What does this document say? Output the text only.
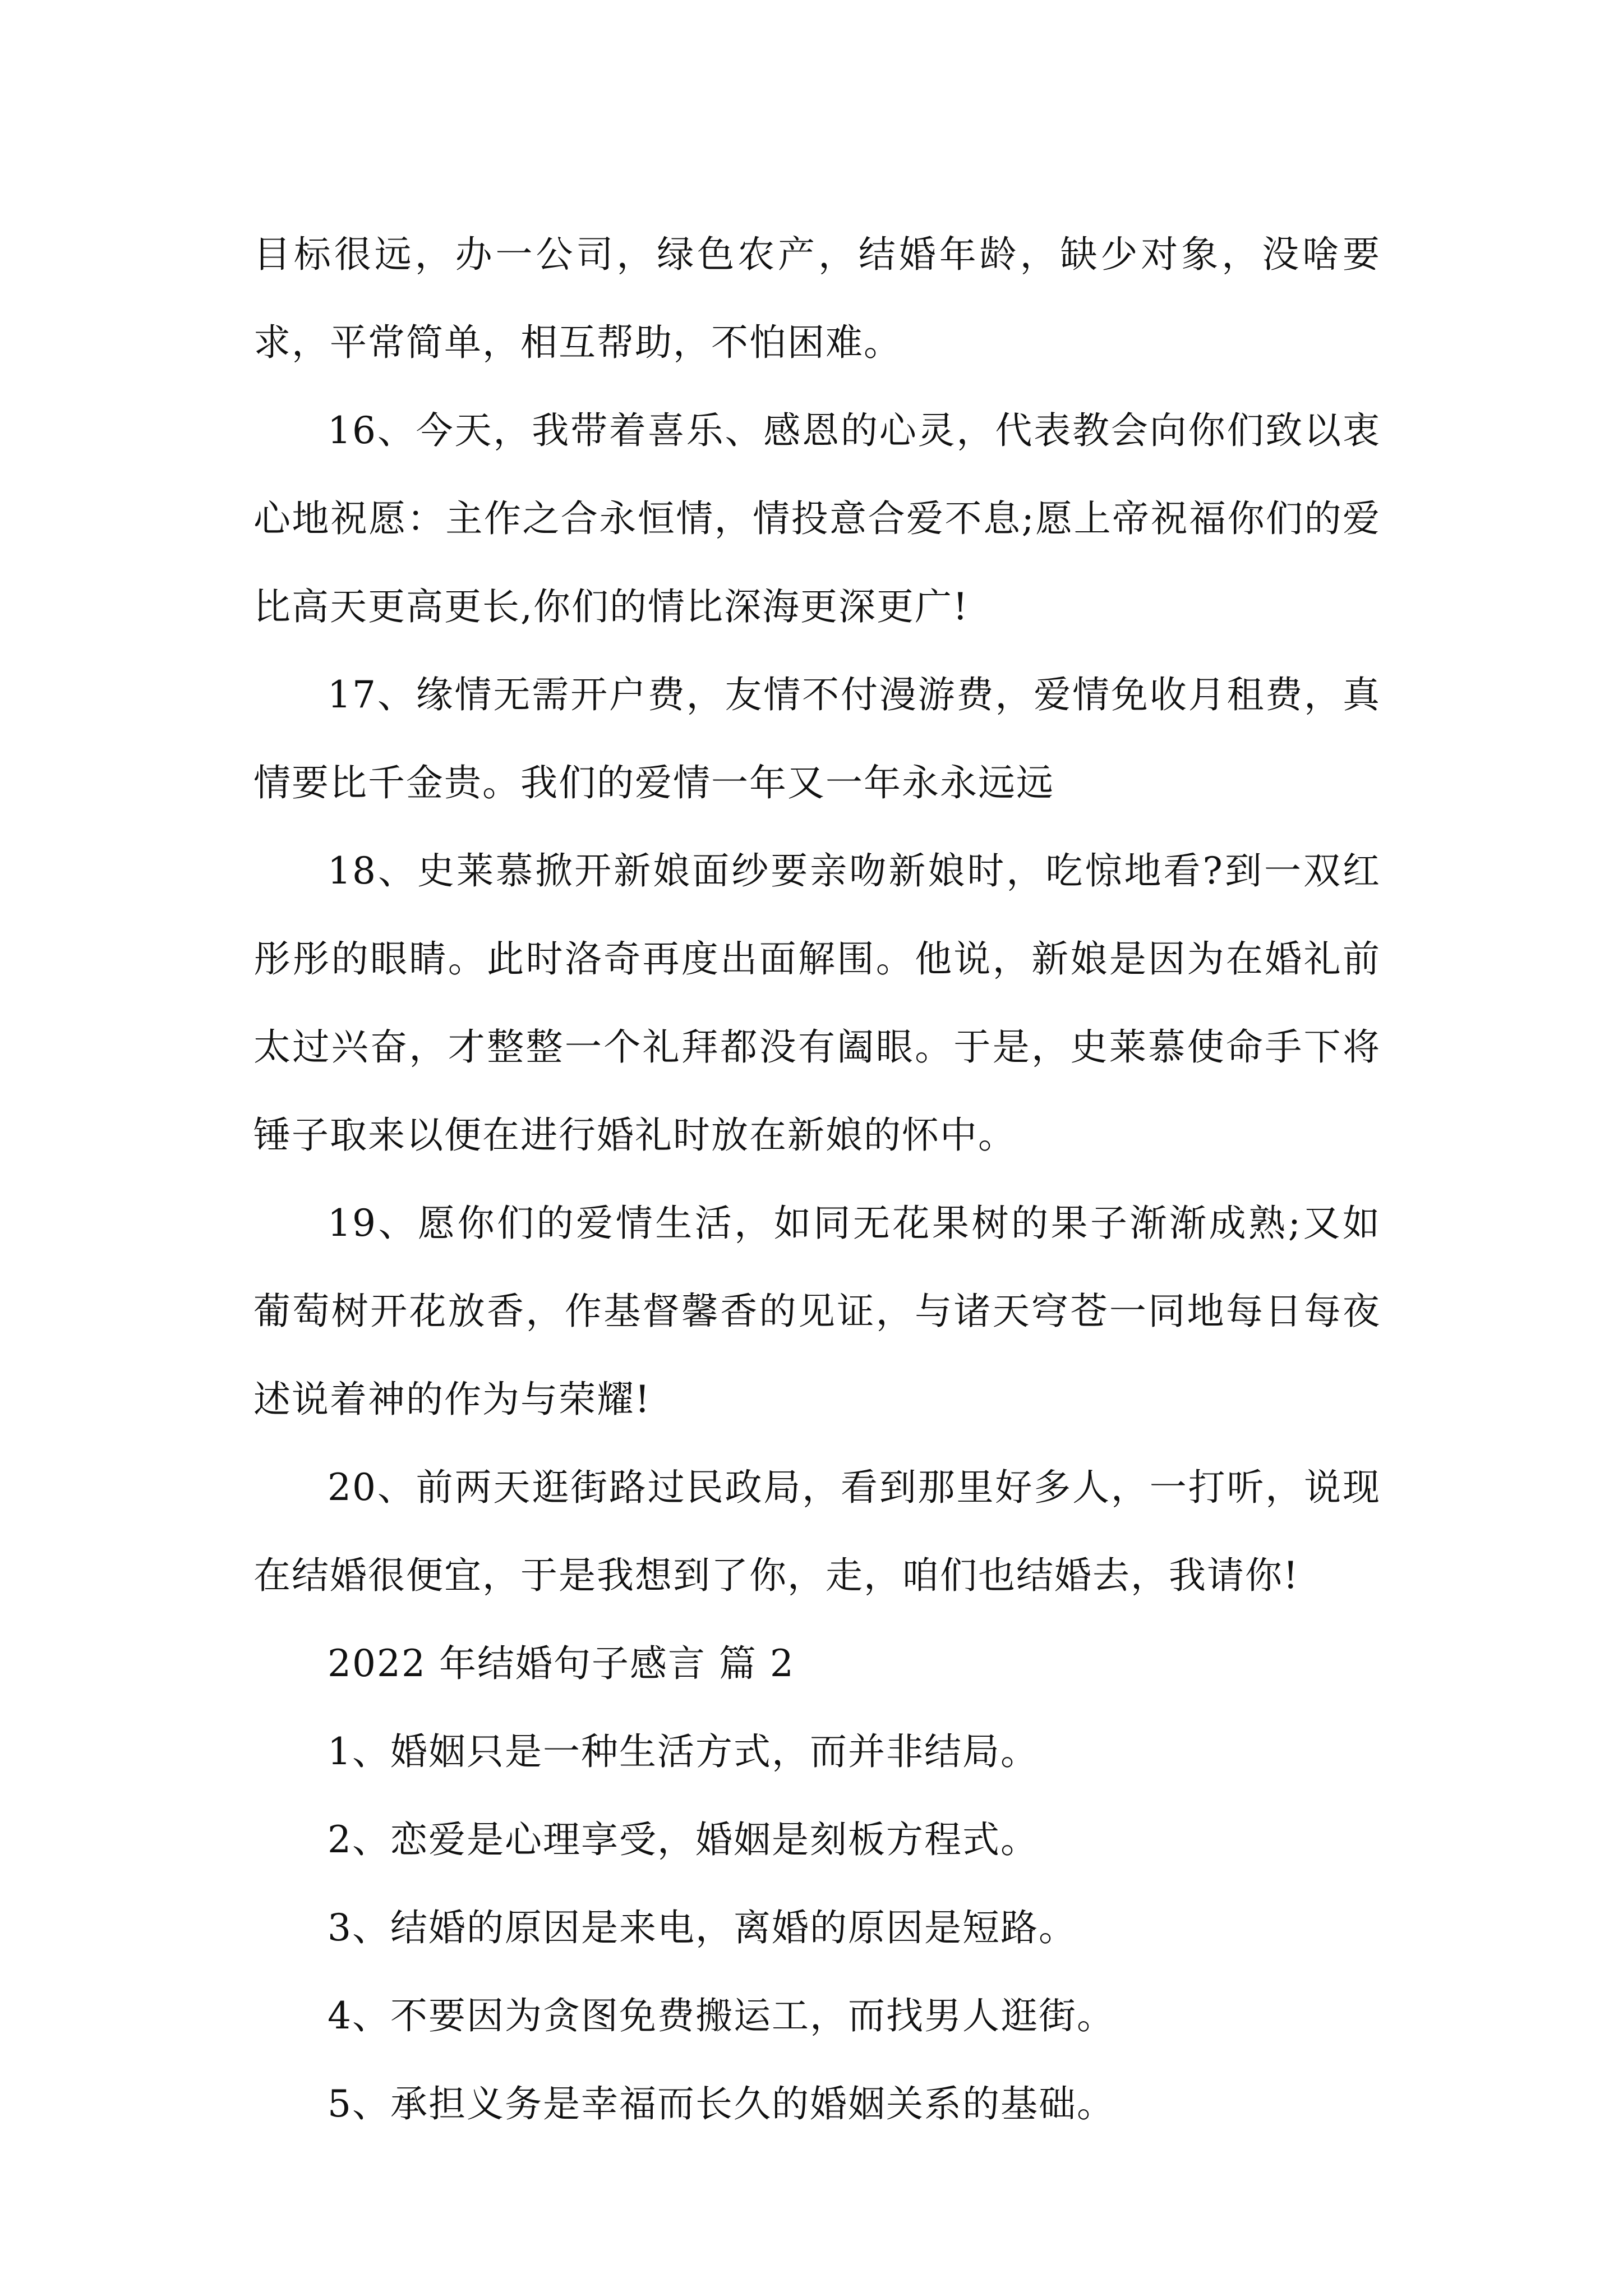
目标很远，办一公司，绿色农产，结婚年龄，缺少对象，没啥要求，平常简单，相互帮助，不怕困难。

16、今天，我带着喜乐、感恩的心灵，代表教会向你们致以衷心地祝愿：主作之合永恒情，情投意合爱不息;愿上帝祝福你们的爱比高天更高更长,你们的情比深海更深更广!

17、缘情无需开户费，友情不付漫游费，爱情免收月租费，真情要比千金贵。我们的爱情一年又一年永永远远

18、史莱慕掀开新娘面纱要亲吻新娘时，吃惊地看?到一双红彤彤的眼睛。此时洛奇再度出面解围。他说，新娘是因为在婚礼前太过兴奋，才整整一个礼拜都没有阖眼。于是，史莱慕使命手下将锤子取来以便在进行婚礼时放在新娘的怀中。

19、愿你们的爱情生活，如同无花果树的果子渐渐成熟;又如葡萄树开花放香，作基督馨香的见证，与诸天穹苍一同地每日每夜述说着神的作为与荣耀!

20、前两天逛街路过民政局，看到那里好多人，一打听，说现在结婚很便宜，于是我想到了你，走，咱们也结婚去，我请你!

2022 年结婚句子感言 篇 2

1、婚姻只是一种生活方式，而并非结局。

2、恋爱是心理享受，婚姻是刻板方程式。

3、结婚的原因是来电，离婚的原因是短路。

4、不要因为贪图免费搬运工，而找男人逛街。

5、承担义务是幸福而长久的婚姻关系的基础。
